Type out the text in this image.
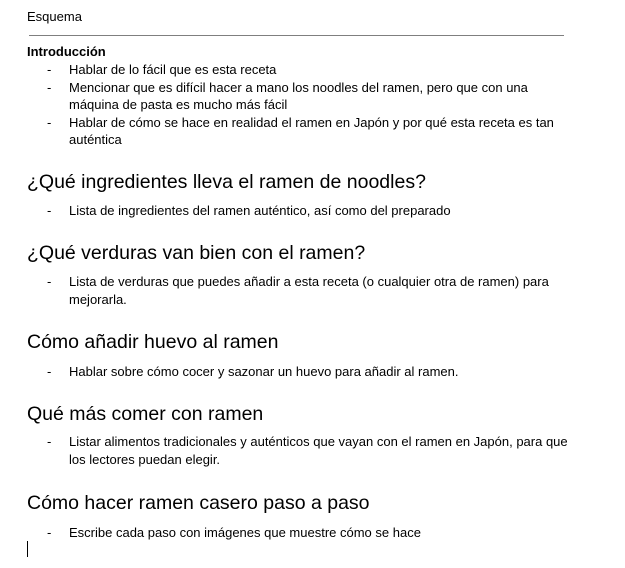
Esquema
Introducción
- Hablar de lo fácil que es esta receta
- Mencionar que es difícil hacer a mano los noodles del ramen, pero que con una máquina de pasta es mucho más fácil
- Hablar de cómo se hace en realidad el ramen en Japón y por qué esta receta es tan auténtica
¿Qué ingredientes lleva el ramen de noodles?
- Lista de ingredientes del ramen auténtico, así como del preparado
¿Qué verduras van bien con el ramen?
- Lista de verduras que puedes añadir a esta receta (o cualquier otra de ramen) para mejorarla.
Cómo añadir huevo al ramen
- Hablar sobre cómo cocer y sazonar un huevo para añadir al ramen.
Qué más comer con ramen
- Listar alimentos tradicionales y auténticos que vayan con el ramen en Japón, para que los lectores puedan elegir.
Cómo hacer ramen casero paso a paso
- Escribe cada paso con imágenes que muestre cómo se hace
